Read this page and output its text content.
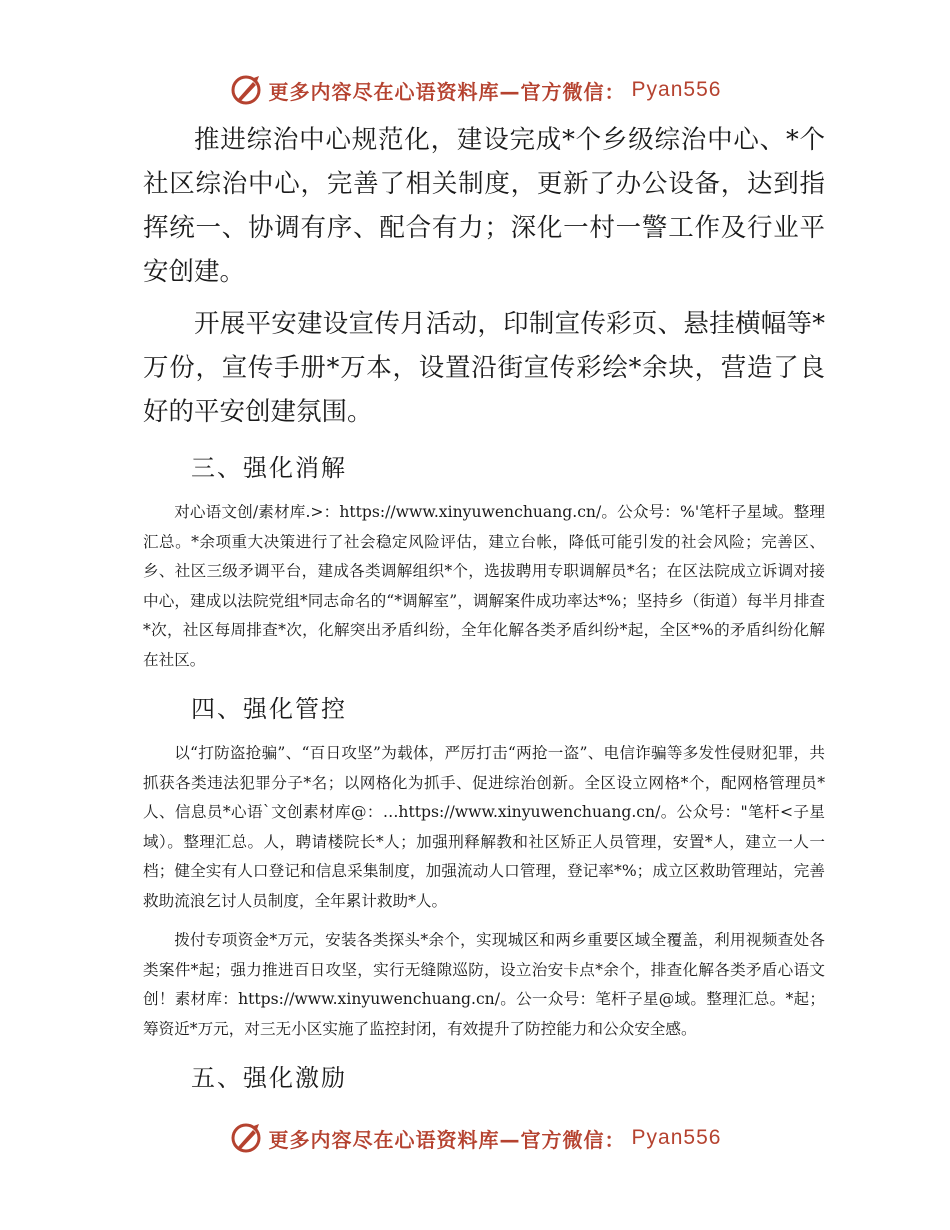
更多内容尽在心语资料库—官方微信： Pyan556

推进综治中心规范化，建设完成*个乡级综治中心、*个社区综治中心，完善了相关制度，更新了办公设备，达到指挥统一、协调有序、配合有力；深化一村一警工作及行业平安创建。

开展平安建设宣传月活动，印制宣传彩页、悬挂横幅等*万份，宣传手册*万本，设置沿街宣传彩绘*余块，营造了良好的平安创建氛围。

三、强化消解

对心语文创/素材库.>：https://www.xinyuwenchuang.cn/。公众号：%'笔杆子星域。整理汇总。*余项重大决策进行了社会稳定风险评估，建立台帐，降低可能引发的社会风险；完善区、乡、社区三级矛调平台，建成各类调解组织*个，选拔聘用专职调解员*名；在区法院成立诉调对接中心，建成以法院党组*同志命名的“*调解室”，调解案件成功率达*%；坚持乡（街道）每半月排查*次，社区每周排查*次，化解突出矛盾纠纷，全年化解各类矛盾纠纷*起，全区*%的矛盾纠纷化解在社区。

四、强化管控

以“打防盗抢骗”、“百日攻坚”为载体，严厉打击“两抢一盗”、电信诈骗等多发性侵财犯罪，共抓获各类违法犯罪分子*名；以网格化为抓手、促进综治创新。全区设立网格*个，配网格管理员*人、信息员*心语`文创素材库@：…https://www.xinyuwenchuang.cn/。公众号："笔杆<子星域）。整理汇总。人，聘请楼院长*人；加强刑释解教和社区矫正人员管理，安置*人，建立一人一档；健全实有人口登记和信息采集制度，加强流动人口管理，登记率*%；成立区救助管理站，完善救助流浪乞讨人员制度，全年累计救助*人。

拨付专项资金*万元，安装各类探头*余个，实现城区和两乡重要区域全覆盖，利用视频查处各类案件*起；强力推进百日攻坚，实行无缝隙巡防，设立治安卡点*余个，排查化解各类矛盾心语文创！素材库：https://www.xinyuwenchuang.cn/。公一众号：笔杆子星@域。整理汇总。*起；筹资近*万元，对三无小区实施了监控封闭，有效提升了防控能力和公众安全感。

五、强化激励
更多内容尽在心语资料库—官方微信： Pyan556
